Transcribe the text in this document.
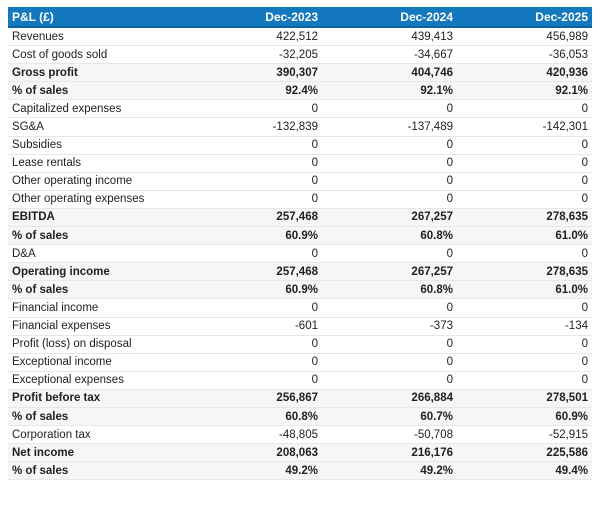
P&L (£)	Dec-2023	Dec-2024	Dec-2025
Revenues	422,512	439,413	456,989
Cost of goods sold	-32,205	-34,667	-36,053
Gross profit	390,307	404,746	420,936
% of sales	92.4%	92.1%	92.1%
Capitalized expenses	0	0	0
SG&A	-132,839	-137,489	-142,301
Subsidies	0	0	0
Lease rentals	0	0	0
Other operating income	0	0	0
Other operating expenses	0	0	0
EBITDA	257,468	267,257	278,635
% of sales	60.9%	60.8%	61.0%
D&A	0	0	0
Operating income	257,468	267,257	278,635
% of sales	60.9%	60.8%	61.0%
Financial income	0	0	0
Financial expenses	-601	-373	-134
Profit (loss) on disposal	0	0	0
Exceptional income	0	0	0
Exceptional expenses	0	0	0
Profit before tax	256,867	266,884	278,501
% of sales	60.8%	60.7%	60.9%
Corporation tax	-48,805	-50,708	-52,915
Net income	208,063	216,176	225,586
% of sales	49.2%	49.2%	49.4%
